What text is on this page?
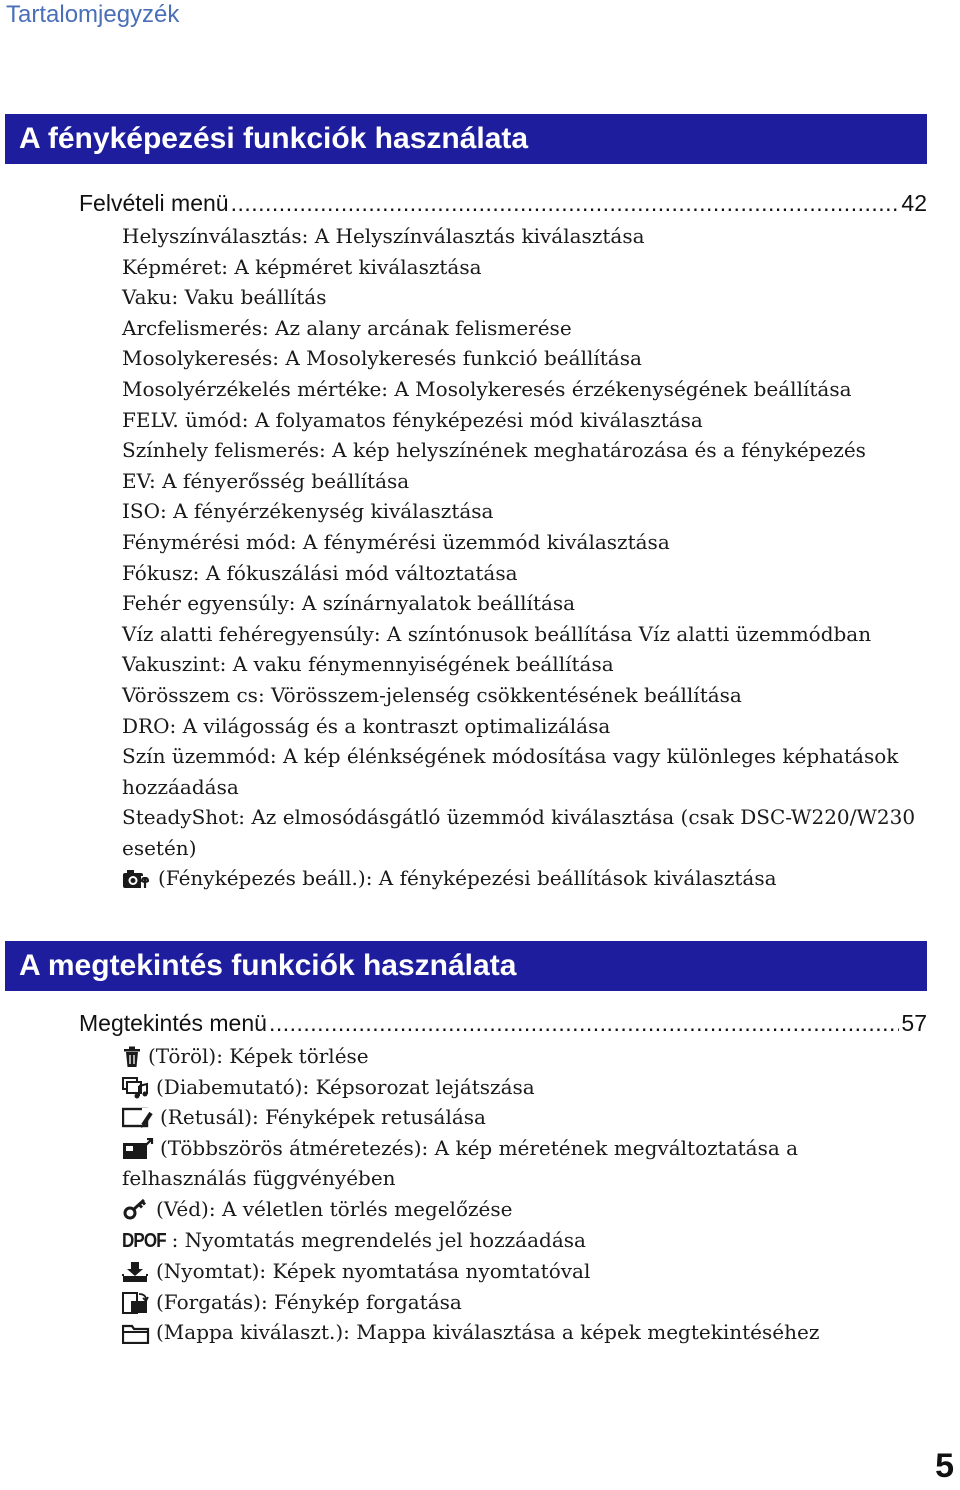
Tartalomjegyzék
A fényképezési funkciók használata
Felvételi menü .....	42
Helyszínválasztás: A Helyszínválasztás kiválasztása
Képméret: A képméret kiválasztása
Vaku: Vaku beállítás
Arcfelismerés: Az alany arcának felismerése
Mosolykeresés: A Mosolykeresés funkció beállítása
Mosolyérzékelés mértéke: A Mosolykeresés érzékenységének beállítása
FELV. ümód: A folyamatos fényképezési mód kiválasztása
Színhely felismerés: A kép helyszínének meghatározása és a fényképezés
EV: A fényerősség beállítása
ISO: A fényérzékenység kiválasztása
Fénymérési mód: A fénymérési üzemmód kiválasztása
Fókusz: A fókuszálási mód változtatása
Fehér egyensúly: A színárnyalatok beállítása
Víz alatti fehéregyensúly: A színtónusok beállítása Víz alatti üzemmódban
Vakuszint: A vaku fénymennyiségének beállítása
Vörösszem cs: Vörösszem-jelenség csökkentésének beállítása
DRO: A világosság és a kontraszt optimalizálása
Szín üzemmód: A kép élénkségének módosítása vagy különleges képhatások hozzáadása
SteadyShot: Az elmosódásgátló üzemmód kiválasztása (csak DSC-W220/W230 esetén)
(Fényképezés beáll.): A fényképezési beállítások kiválasztása
A megtekintés funkciók használata
Megtekintés menü .....	57
(Töröl): Képek törlése
(Diabemutató): Képsorozat lejátszása
(Retusál): Fényképek retusálása
(Többszörös átméretezés): A kép méretének megváltoztatása a felhasználás függvényében
(Véd): A véletlen törlés megelőzése
DPOF : Nyomtatás megrendelés jel hozzáadása
(Nyomtat): Képek nyomtatása nyomtatóval
(Forgatás): Fénykép forgatása
(Mappa kiválaszt.): Mappa kiválasztása a képek megtekintéséhez
5
